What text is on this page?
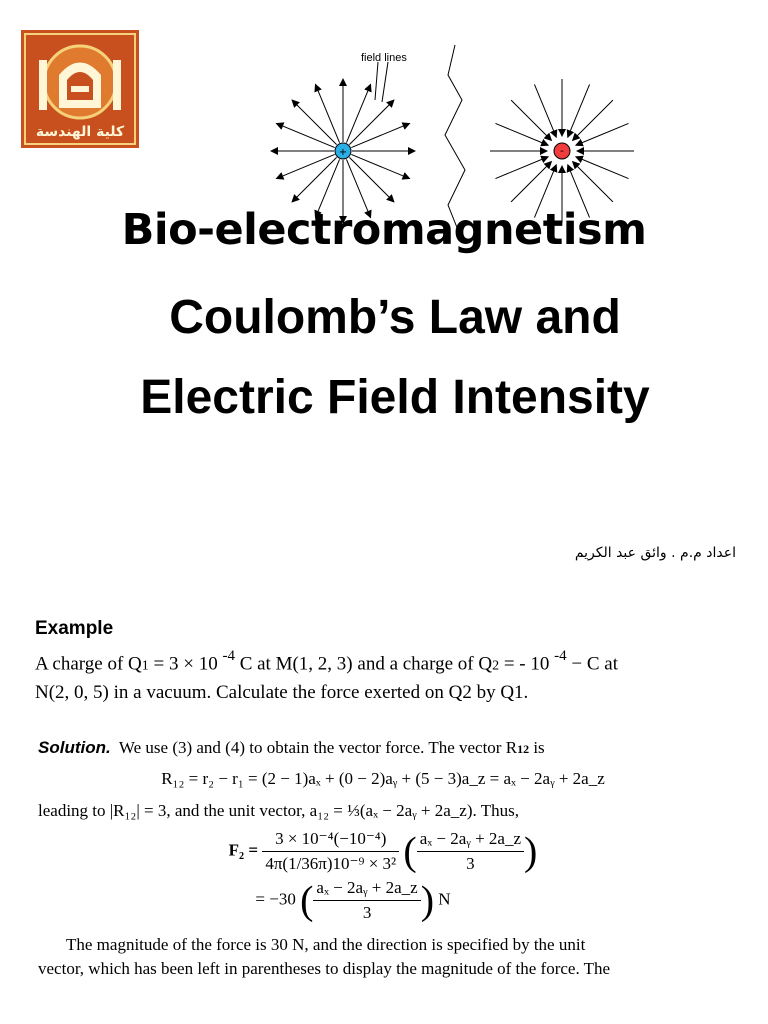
كلية الهندسة
field lines
+	-
Bio-electromagnetism
Coulomb’s Law and
Electric Field Intensity
اعداد م.م . وائق عبد الكريم
Example
A charge of Q1 = 3 × 10 $^{-4}$ C at M(1, 2, 3) and a charge of Q2 = - 10 $^{-4}$ − C at
N(2, 0, 5) in a vacuum. Calculate the force exerted on Q2 by Q1.
Solution. We use (3) and (4) to obtain the vector force. The vector R12 is
R₁₂ = r₂ − r₁ = (2 − 1)aₓ + (0 − 2)aᵧ + (5 − 3)a_z = aₓ − 2aᵧ + 2a_z
leading to |R₁₂| = 3, and the unit vector, a₁₂ = ⅓(aₓ − 2aᵧ + 2a_z). Thus,
$F_2 = \frac{\text{3 × 10⁻⁴(−10⁻⁴)}}{\text{4π(1/36π)10⁻⁹ × 3²}}$ ( $\frac{\text{aₓ − 2aᵧ + 2a\_z}}{3}$ )
= −30 ( $\frac{\text{aₓ − 2aᵧ + 2a\_z}}{3}$ ) N
The magnitude of the force is 30 N, and the direction is specified by the unit
vector, which has been left in parentheses to display the magnitude of the force. The
